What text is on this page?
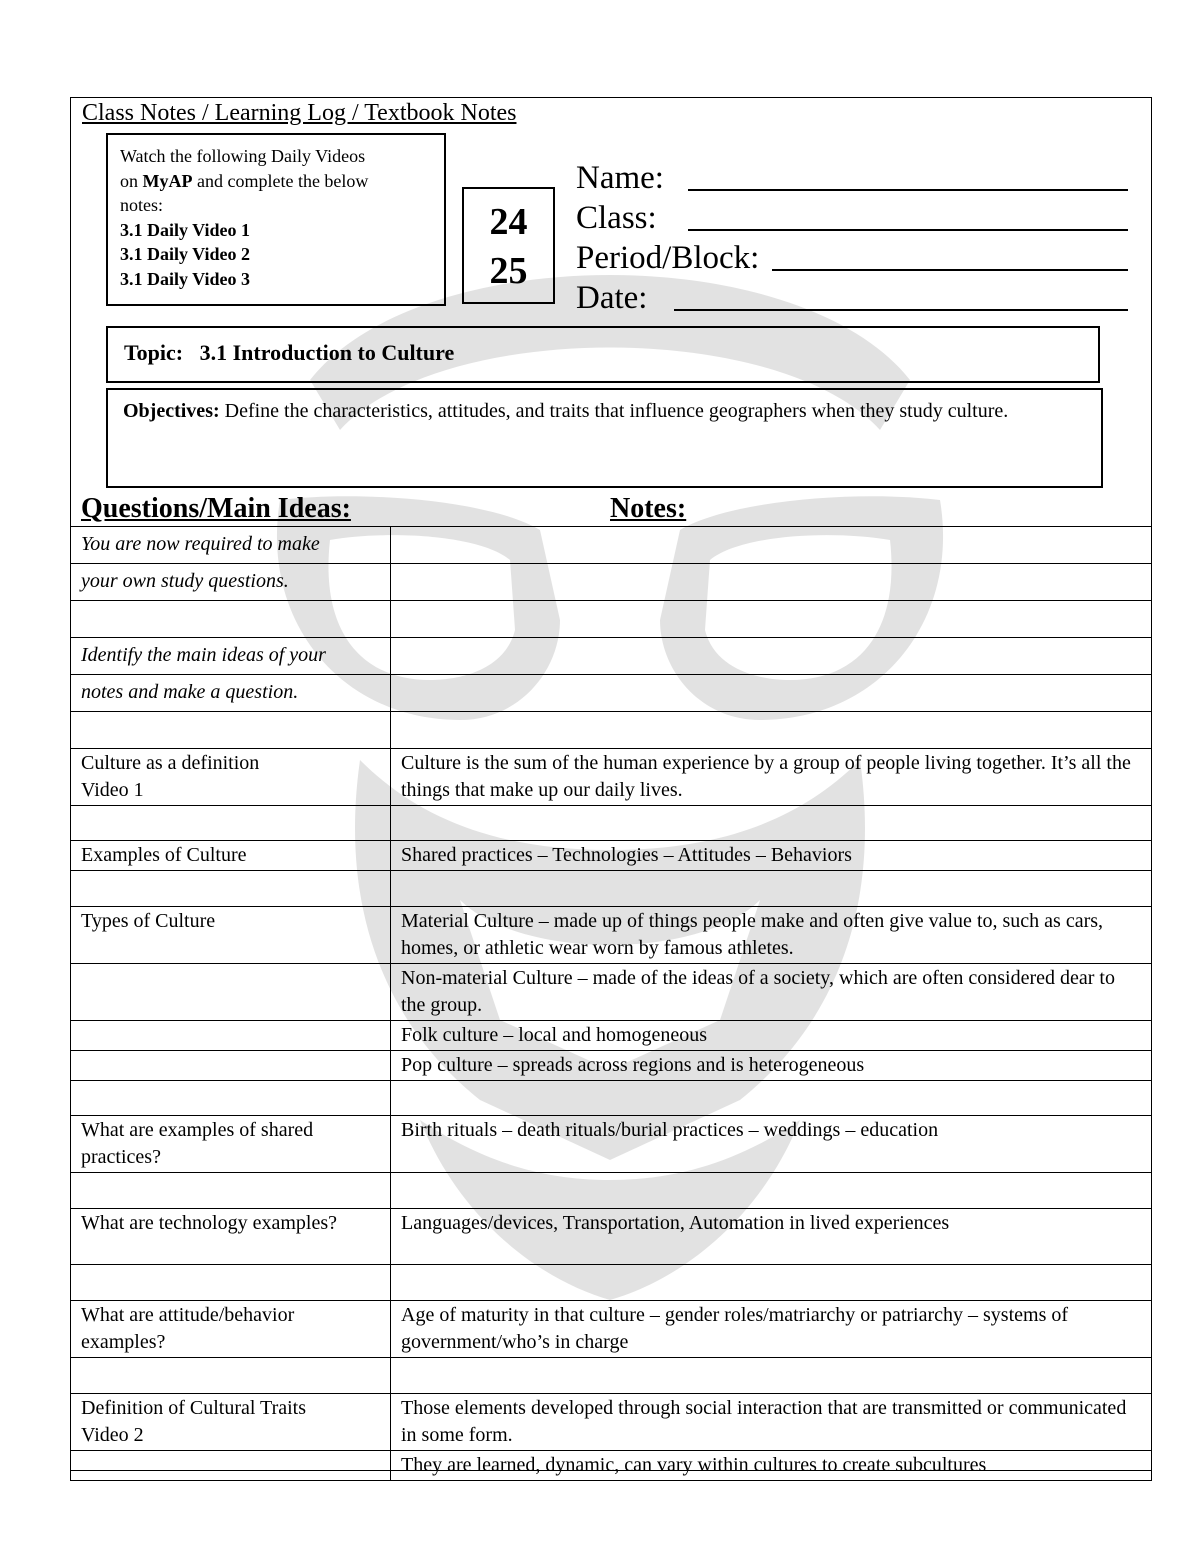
Class Notes / Learning Log / Textbook Notes
Watch the following Daily Videos
on MyAP and complete the below
notes:
3.1 Daily Video 1
3.1 Daily Video 2
3.1 Daily Video 3
24
25
Name:
Class:
Period/Block:
Date:
Topic: 3.1 Introduction to Culture
Objectives: Define the characteristics, attitudes, and traits that influence geographers when they study culture.
Questions/Main Ideas:	Notes:
You are now required to make	
your own study questions.	

Identify the main ideas of your	
notes and make a question.	

Culture as a definition
Video 1	Culture is the sum of the human experience by a group of people living together. It’s all the things that make up our daily lives.

Examples of Culture	Shared practices – Technologies – Attitudes – Behaviors

Types of Culture	Material Culture – made up of things people make and often give value to, such as cars, homes, or athletic wear worn by famous athletes.
	Non-material Culture – made of the ideas of a society, which are often considered dear to the group.
	Folk culture – local and homogeneous
	Pop culture – spreads across regions and is heterogeneous

What are examples of shared practices?	Birth rituals – death rituals/burial practices – weddings – education

What are technology examples?	Languages/devices, Transportation, Automation in lived experiences

What are attitude/behavior examples?	Age of maturity in that culture – gender roles/matriarchy or patriarchy – systems of government/who’s in charge

Definition of Cultural Traits
Video 2	Those elements developed through social interaction that are transmitted or communicated in some form.
	They are learned, dynamic, can vary within cultures to create subcultures
